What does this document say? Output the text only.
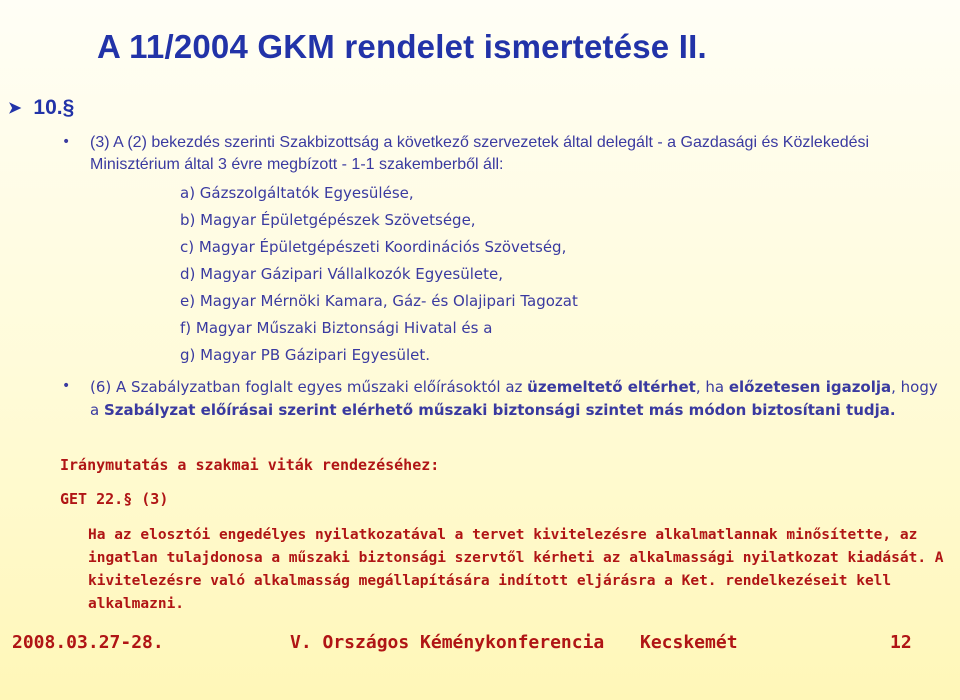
A 11/2004 GKM rendelet ismertetése II.
➤ 10.§
• (3) A (2) bekezdés szerinti Szakbizottság a következő szervezetek által delegált - a Gazdasági és Közlekedési Minisztérium által 3 évre megbízott - 1-1 szakemberből áll:
a) Gázszolgáltatók Egyesülése,
b) Magyar Épületgépészek Szövetsége,
c) Magyar Épületgépészeti Koordinációs Szövetség,
d) Magyar Gázipari Vállalkozók Egyesülete,
e) Magyar Mérnöki Kamara, Gáz- és Olajipari Tagozat
f) Magyar Műszaki Biztonsági Hivatal és a
g) Magyar PB Gázipari Egyesület.
• (6) A Szabályzatban foglalt egyes műszaki előírásoktól az üzemeltető eltérhet, ha előzetesen igazolja, hogy a Szabályzat előírásai szerint elérhető műszaki biztonsági szintet más módon biztosítani tudja.

Iránymutatás a szakmai viták rendezéséhez:

GET 22.§ (3)

Ha az elosztói engedélyes nyilatkozatával a tervet kivitelezésre alkalmatlannak minősítette, az ingatlan tulajdonosa a műszaki biztonsági szervtől kérheti az alkalmassági nyilatkozat kiadását. A kivitelezésre való alkalmasság megállapítására indított eljárásra a Ket. rendelkezéseit kell alkalmazni.

2008.03.27-28.	V. Országos Kéménykonferencia Kecskemét	12
